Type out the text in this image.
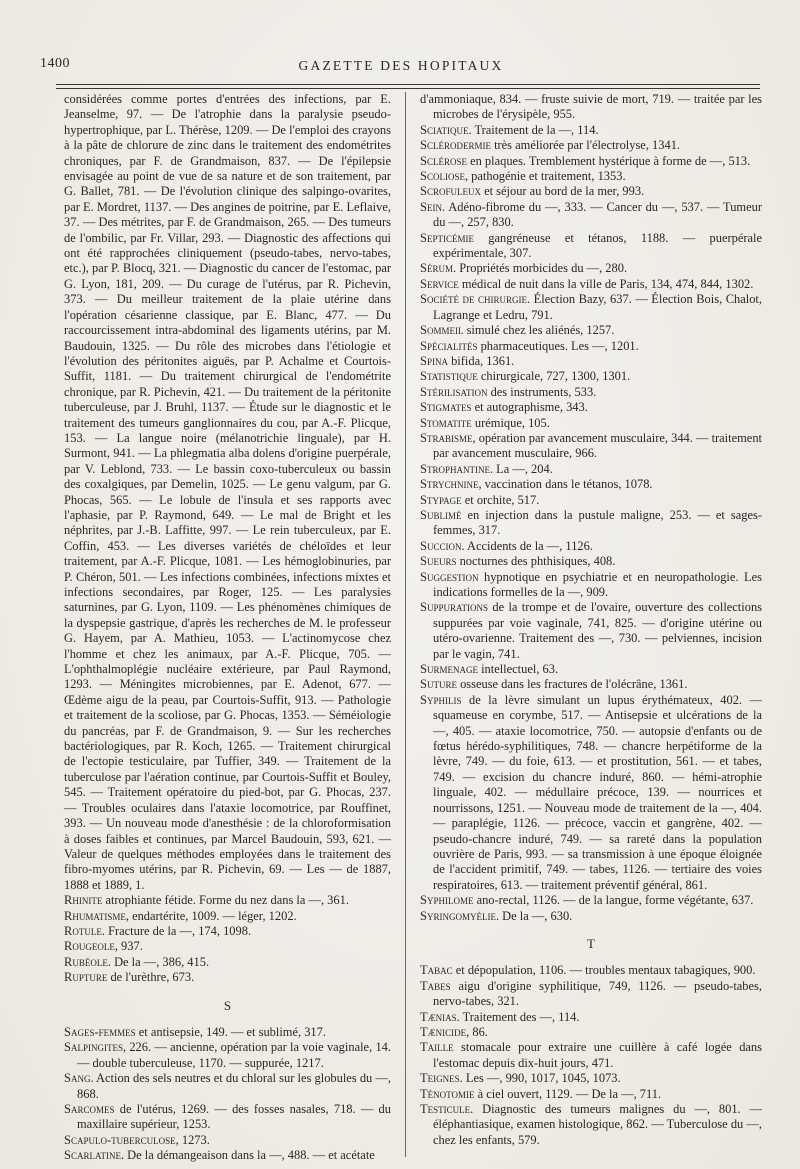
1400	GAZETTE DES HOPITAUX

considérées comme portes d'entrées des infections, par E. Jeanselme, 97. — De l'atrophie dans la paralysie pseudo-hypertrophique, par L. Thérèse, 1209. — De l'emploi des crayons à la pâte de chlorure de zinc dans le traitement des endométrites chroniques, par F. de Grandmaison, 837. — De l'épilepsie envisagée au point de vue de sa nature et de son traitement, par G. Ballet, 781. — De l'évolution clinique des salpingo-ovarites, par E. Mordret, 1137. — Des angines de poitrine, par E. Leflaive, 37. — Des métrites, par F. de Grandmaison, 265. — Des tumeurs de l'ombilic, par Fr. Villar, 293. — Diagnostic des affections qui ont été rapprochées cliniquement (pseudo-tabes, nervo-tabes, etc.), par P. Blocq, 321. — Diagnostic du cancer de l'estomac, par G. Lyon, 181, 209. — Du curage de l'utérus, par R. Pichevin, 373. — Du meilleur traitement de la plaie utérine dans l'opération césarienne classique, par E. Blanc, 477. — Du raccourcissement intra-abdominal des ligaments utérins, par M. Baudouin, 1325. — Du rôle des microbes dans l'étiologie et l'évolution des péritonites aiguës, par P. Achalme et Courtois-Suffit, 1181. — Du traitement chirurgical de l'endométrite chronique, par R. Pichevin, 421. — Du traitement de la péritonite tuberculeuse, par J. Bruhl, 1137. — Étude sur le diagnostic et le traitement des tumeurs ganglionnaires du cou, par A.-F. Plicque, 153. — La langue noire (mélanotrichie linguale), par H. Surmont, 941. — La phlegmatia alba dolens d'origine puerpérale, par V. Leblond, 733. — Le bassin coxo-tuberculeux ou bassin des coxalgiques, par Demelin, 1025. — Le genu valgum, par G. Phocas, 565. — Le lobule de l'insula et ses rapports avec l'aphasie, par P. Raymond, 649. — Le mal de Bright et les néphrites, par J.-B. Laffitte, 997. — Le rein tuberculeux, par E. Coffin, 453. — Les diverses variétés de chéloïdes et leur traitement, par A.-F. Plicque, 1081. — Les hémoglobinuries, par P. Chéron, 501. — Les infections combinées, infections mixtes et infections secondaires, par Roger, 125. — Les paralysies saturnines, par G. Lyon, 1109. — Les phénomènes chimiques de la dyspepsie gastrique, d'après les recherches de M. le professeur G. Hayem, par A. Mathieu, 1053. — L'actinomycose chez l'homme et chez les animaux, par A.-F. Plicque, 705. — L'ophthalmoplégie nucléaire extérieure, par Paul Raymond, 1293. — Méningites microbiennes, par E. Adenot, 677. — Œdème aigu de la peau, par Courtois-Suffit, 913. — Pathologie et traitement de la scoliose, par G. Phocas, 1353. — Séméiologie du pancréas, par F. de Grandmaison, 9. — Sur les recherches bactériologiques, par R. Koch, 1265. — Traitement chirurgical de l'ectopie testiculaire, par Tuffier, 349. — Traitement de la tuberculose par l'aération continue, par Courtois-Suffit et Bouley, 545. — Traitement opératoire du pied-bot, par G. Phocas, 237. — Troubles oculaires dans l'ataxie locomotrice, par Rouffinet, 393. — Un nouveau mode d'anesthésie : de la chloroformisation à doses faibles et continues, par Marcel Baudouin, 593, 621. — Valeur de quelques méthodes employées dans le traitement des fibro-myomes utérins, par R. Pichevin, 69. — Les — de 1887, 1888 et 1889, 1.

Rhinite atrophiante fétide. Forme du nez dans la —, 361.

Rhumatisme, endartérite, 1009. — léger, 1202.

Rotule. Fracture de la —, 174, 1098.

Rougeole, 937.

Rubéole. De la —, 386, 415.

Rupture de l'urèthre, 673.

S

Sages-femmes et antisepsie, 149. — et sublimé, 317.

Salpingites, 226. — ancienne, opération par la voie vaginale, 14. — double tuberculeuse, 1170. — suppurée, 1217.

Sang. Action des sels neutres et du chloral sur les globules du —, 868.

Sarcomes de l'utérus, 1269. — des fosses nasales, 718. — du maxillaire supérieur, 1253.

Scapulo-tuberculose, 1273.

Scarlatine. De la démangeaison dans la —, 488. — et acétate

d'ammoniaque, 834. — fruste suivie de mort, 719. — traitée par les microbes de l'érysipèle, 955.

Sciatique. Traitement de la —, 114.

Sclérodermie très améliorée par l'électrolyse, 1341.

Sclérose en plaques. Tremblement hystérique à forme de —, 513.

Scoliose, pathogénie et traitement, 1353.

Scrofuleux et séjour au bord de la mer, 993.

Sein. Adéno-fibrome du —, 333. — Cancer du —, 537. — Tumeur du —, 257, 830.

Septicémie gangréneuse et tétanos, 1188. — puerpérale expérimentale, 307.

Sérum. Propriétés morbicides du —, 280.

Service médical de nuit dans la ville de Paris, 134, 474, 844, 1302.

Société de chirurgie. Élection Bazy, 637. — Élection Bois, Chalot, Lagrange et Ledru, 791.

Sommeil simulé chez les aliénés, 1257.

Spécialités pharmaceutiques. Les —, 1201.

Spina bifida, 1361.

Statistique chirurgicale, 727, 1300, 1301.

Stérilisation des instruments, 533.

Stigmates et autographisme, 343.

Stomatite urémique, 105.

Strabisme, opération par avancement musculaire, 344. — traitement par avancement musculaire, 966.

Strophantine. La —, 204.

Strychnine, vaccination dans le tétanos, 1078.

Stypage et orchite, 517.

Sublimé en injection dans la pustule maligne, 253. — et sages-femmes, 317.

Succion. Accidents de la —, 1126.

Sueurs nocturnes des phthisiques, 408.

Suggestion hypnotique en psychiatrie et en neuropathologie. Les indications formelles de la —, 909.

Suppurations de la trompe et de l'ovaire, ouverture des collections suppurées par voie vaginale, 741, 825. — d'origine utérine ou utéro-ovarienne. Traitement des —, 730. — pelviennes, incision par le vagin, 741.

Surmenage intellectuel, 63.

Suture osseuse dans les fractures de l'olécrâne, 1361.

Syphilis de la lèvre simulant un lupus érythémateux, 402. — squameuse en corymbe, 517. — Antisepsie et ulcérations de la —, 405. — ataxie locomotrice, 750. — autopsie d'enfants ou de fœtus hérédo-syphilitiques, 748. — chancre herpétiforme de la lèvre, 749. — du foie, 613. — et prostitution, 561. — et tabes, 749. — excision du chancre induré, 860. — hémi-atrophie linguale, 402. — médullaire précoce, 139. — nourrices et nourrissons, 1251. — Nouveau mode de traitement de la —, 404. — paraplégie, 1126. — précoce, vaccin et gangrène, 402. — pseudo-chancre induré, 749. — sa rareté dans la population ouvrière de Paris, 993. — sa transmission à une époque éloignée de l'accident primitif, 749. — tabes, 1126. — tertiaire des voies respiratoires, 613. — traitement préventif général, 861.

Syphilome ano-rectal, 1126. — de la langue, forme végétante, 637.

Syringomyélie. De la —, 630.

T

Tabac et dépopulation, 1106. — troubles mentaux tabagiques, 900.

Tabes aigu d'origine syphilitique, 749, 1126. — pseudo-tabes, nervo-tabes, 321.

Tænias. Traitement des —, 114.

Tænicide, 86.

Taille stomacale pour extraire une cuillère à café logée dans l'estomac depuis dix-huit jours, 471.

Teignes. Les —, 990, 1017, 1045, 1073.

Ténotomie à ciel ouvert, 1129. — De la —, 711.

Testicule. Diagnostic des tumeurs malignes du —, 801. — éléphantiasique, examen histologique, 862. — Tuberculose du —, chez les enfants, 579.
